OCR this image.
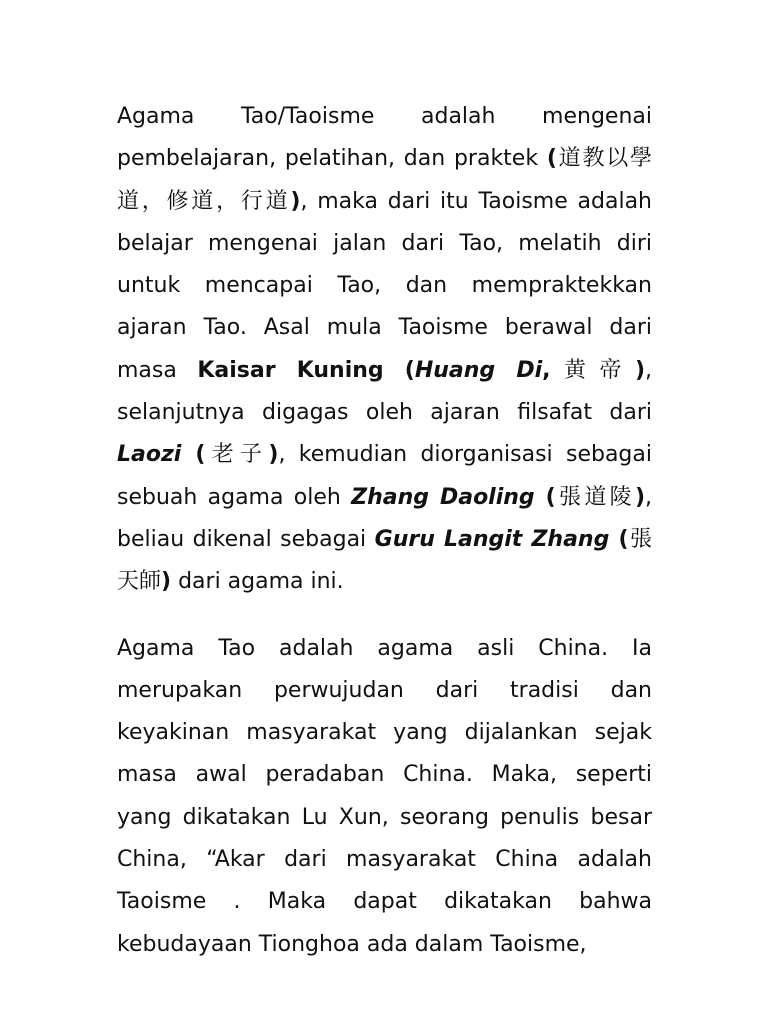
Agama Tao/Taoisme adalah mengenai pembelajaran, pelatihan, dan praktek (道教以學道，修道，行道), maka dari itu Taoisme adalah belajar mengenai jalan dari Tao, melatih diri untuk mencapai Tao, dan mempraktekkan ajaran Tao. Asal mula Taoisme berawal dari masa Kaisar Kuning (Huang Di,黄帝), selanjutnya digagas oleh ajaran filsafat dari Laozi (老子), kemudian diorganisasi sebagai sebuah agama oleh Zhang Daoling (張道陵), beliau dikenal sebagai Guru Langit Zhang (張天師) dari agama ini.

Agama Tao adalah agama asli China. Ia merupakan perwujudan dari tradisi dan keyakinan masyarakat yang dijalankan sejak masa awal peradaban China. Maka, seperti yang dikatakan Lu Xun, seorang penulis besar China, “Akar dari masyarakat China adalah Taoisme . Maka dapat dikatakan bahwa kebudayaan Tionghoa ada dalam Taoisme,
